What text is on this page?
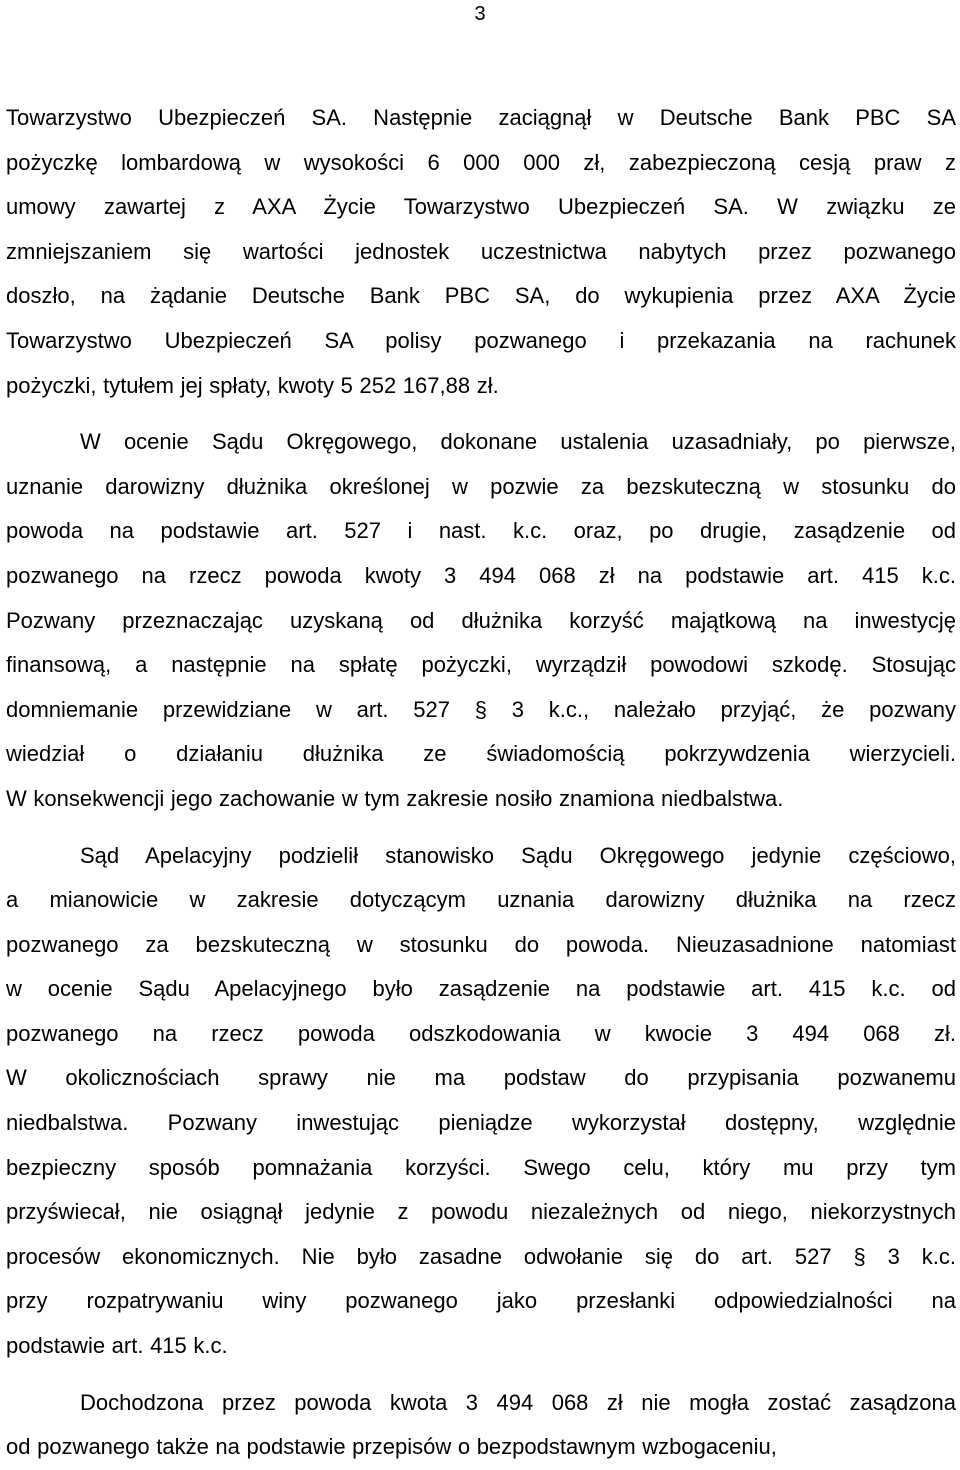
3
Towarzystwo Ubezpieczeń SA. Następnie zaciągnął w Deutsche Bank PBC SA
pożyczkę lombardową w wysokości 6 000 000 zł, zabezpieczoną cesją praw z
umowy zawartej z AXA Życie Towarzystwo Ubezpieczeń SA. W związku ze
zmniejszaniem się wartości jednostek uczestnictwa nabytych przez pozwanego
doszło, na żądanie Deutsche Bank PBC SA, do wykupienia przez AXA Życie
Towarzystwo Ubezpieczeń SA polisy pozwanego i przekazania na rachunek
pożyczki, tytułem jej spłaty, kwoty 5 252 167,88 zł.
W ocenie Sądu Okręgowego, dokonane ustalenia uzasadniały, po pierwsze,
uznanie darowizny dłużnika określonej w pozwie za bezskuteczną w stosunku do
powoda na podstawie art. 527 i nast. k.c. oraz, po drugie, zasądzenie od
pozwanego na rzecz powoda kwoty 3 494 068 zł na podstawie art. 415 k.c.
Pozwany przeznaczając uzyskaną od dłużnika korzyść majątkową na inwestycję
finansową, a następnie na spłatę pożyczki, wyrządził powodowi szkodę. Stosując
domniemanie przewidziane w art. 527 § 3 k.c., należało przyjąć, że pozwany
wiedział o działaniu dłużnika ze świadomością pokrzywdzenia wierzycieli.
W konsekwencji jego zachowanie w tym zakresie nosiło znamiona niedbalstwa.
Sąd Apelacyjny podzielił stanowisko Sądu Okręgowego jedynie częściowo,
a mianowicie w zakresie dotyczącym uznania darowizny dłużnika na rzecz
pozwanego za bezskuteczną w stosunku do powoda. Nieuzasadnione natomiast
w ocenie Sądu Apelacyjnego było zasądzenie na podstawie art. 415 k.c. od
pozwanego na rzecz powoda odszkodowania w kwocie 3 494 068 zł.
W okolicznościach sprawy nie ma podstaw do przypisania pozwanemu
niedbalstwa. Pozwany inwestując pieniądze wykorzystał dostępny, względnie
bezpieczny sposób pomnażania korzyści. Swego celu, który mu przy tym
przyświecał, nie osiągnął jedynie z powodu niezależnych od niego, niekorzystnych
procesów ekonomicznych. Nie było zasadne odwołanie się do art. 527 § 3 k.c.
przy rozpatrywaniu winy pozwanego jako przesłanki odpowiedzialności na
podstawie art. 415 k.c.
Dochodzona przez powoda kwota 3 494 068 zł nie mogła zostać zasądzona
od pozwanego także na podstawie przepisów o bezpodstawnym wzbogaceniu,
